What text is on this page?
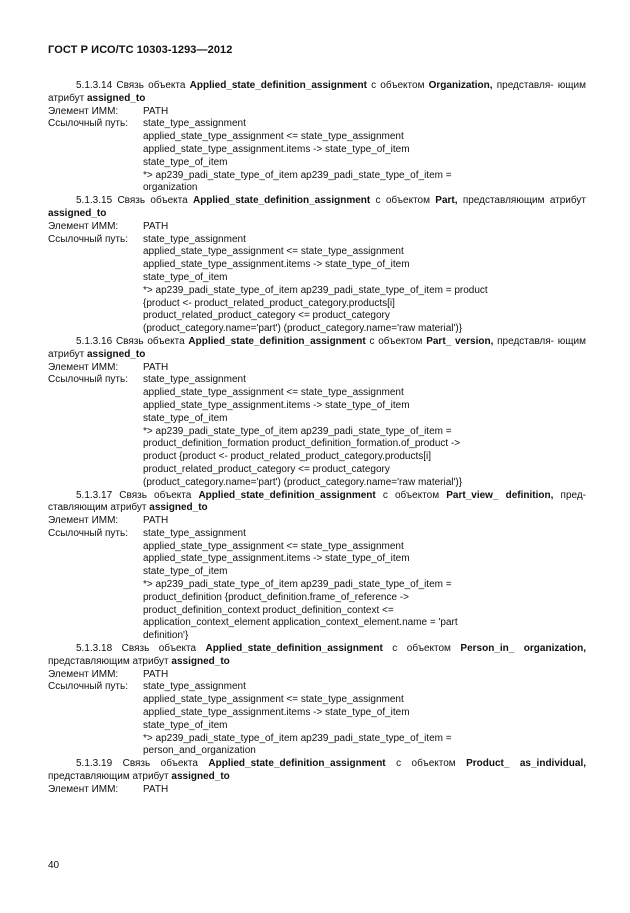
ГОСТ Р ИСО/ТС 10303-1293—2012

5.1.3.14 Связь объекта Applied_state_definition_assignment с объектом Organization, представля- ющим атрибут assigned_to

Элемент ИММ:	PATH
Ссылочный путь:	state_type_assignment
applied_state_type_assignment <= state_type_assignment
applied_state_type_assignment.items -> state_type_of_item
state_type_of_item
*> ap239_padi_state_type_of_item ap239_padi_state_type_of_item =
organization

5.1.3.15 Связь объекта Applied_state_definition_assignment с объектом Part, представляющим атрибут assigned_to

Элемент ИММ:	PATH
Ссылочный путь:	state_type_assignment
applied_state_type_assignment <= state_type_assignment
applied_state_type_assignment.items -> state_type_of_item
state_type_of_item
*> ap239_padi_state_type_of_item ap239_padi_state_type_of_item = product
{product <- product_related_product_category.products[i]
product_related_product_category <= product_category
(product_category.name='part') (product_category.name='raw material')}

5.1.3.16 Связь объекта Applied_state_definition_assignment с объектом Part_ version, представля- ющим атрибут assigned_to

Элемент ИММ:	PATH
Ссылочный путь:	state_type_assignment
applied_state_type_assignment <= state_type_assignment
applied_state_type_assignment.items -> state_type_of_item
state_type_of_item
*> ap239_padi_state_type_of_item ap239_padi_state_type_of_item =
product_definition_formation product_definition_formation.of_product ->
product {product <- product_related_product_category.products[i]
product_related_product_category <= product_category
(product_category.name='part') (product_category.name='raw material')}

5.1.3.17 Связь объекта Applied_state_definition_assignment с объектом Part_view_ definition, пред- ставляющим атрибут assigned_to

Элемент ИММ:	PATH
Ссылочный путь:	state_type_assignment
applied_state_type_assignment <= state_type_assignment
applied_state_type_assignment.items -> state_type_of_item
state_type_of_item
*> ap239_padi_state_type_of_item ap239_padi_state_type_of_item =
product_definition {product_definition.frame_of_reference ->
product_definition_context product_definition_context <=
application_context_element application_context_element.name = 'part
definition'}

5.1.3.18 Связь объекта Applied_state_definition_assignment с объектом Person_in_ organization, представляющим атрибут assigned_to

Элемент ИММ:	PATH
Ссылочный путь:	state_type_assignment
applied_state_type_assignment <= state_type_assignment
applied_state_type_assignment.items -> state_type_of_item
state_type_of_item
*> ap239_padi_state_type_of_item ap239_padi_state_type_of_item =
person_and_organization

5.1.3.19 Связь объекта Applied_state_definition_assignment с объектом Product_ as_individual, представляющим атрибут assigned_to

Элемент ИММ:	PATH
40
